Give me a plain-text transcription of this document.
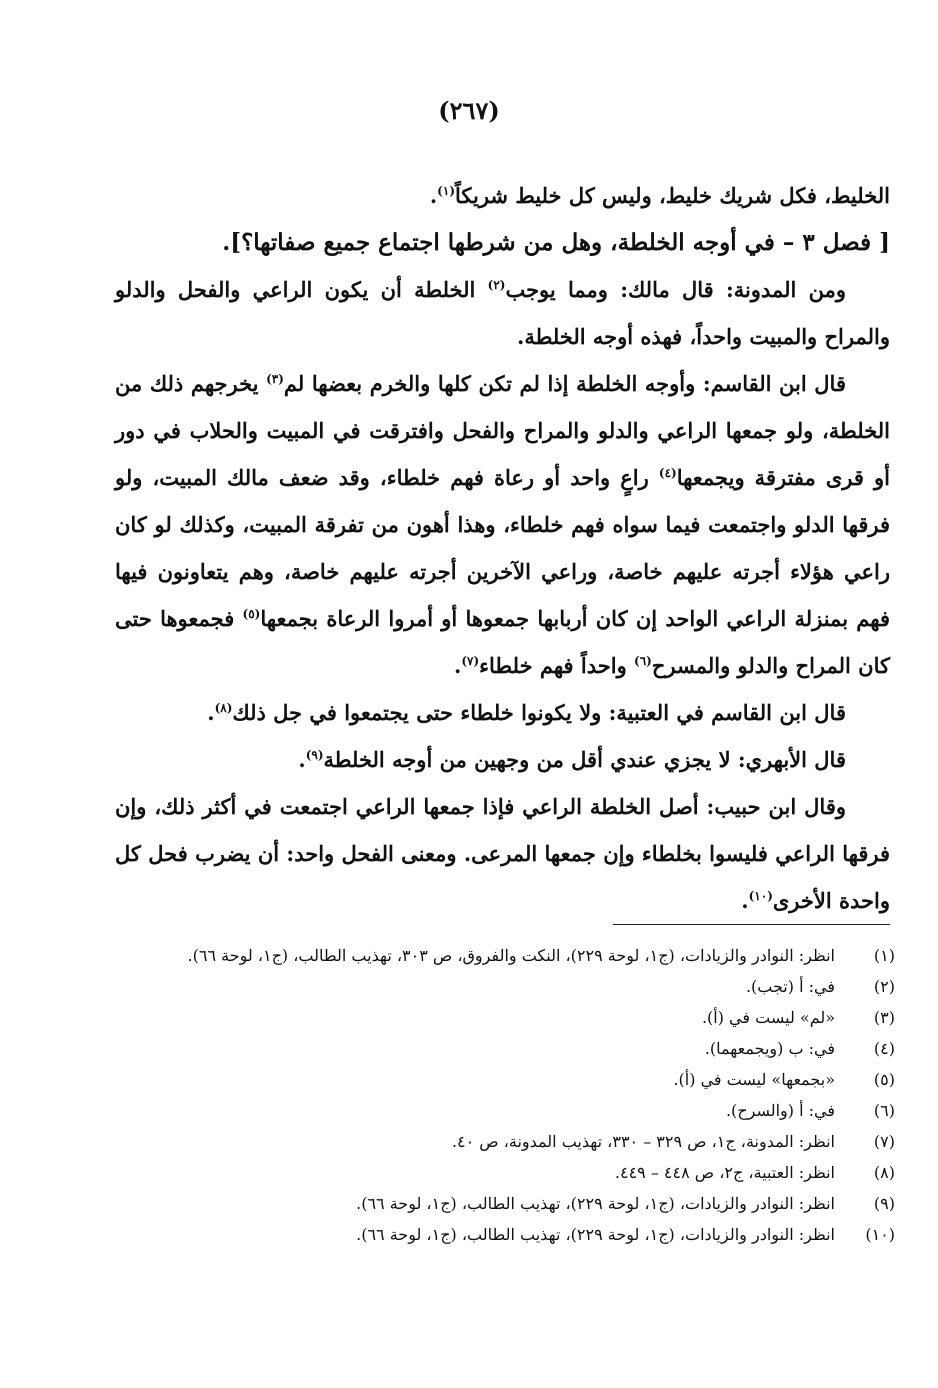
(٢٦٧)

الخليط، فكل شريك خليط، وليس كل خليط شريكاً$^{(١)}$.

[ فصل ٣ – في أوجه الخلطة، وهل من شرطها اجتماع جميع صفاتها؟].

ومن المدونة: قال مالك: ومما يوجب$^{(٢)}$ الخلطة أن يكون الراعي والفحل والدلو والمراح والمبيت واحداً، فهذه أوجه الخلطة.

قال ابن القاسم: وأوجه الخلطة إذا لم تكن كلها والخرم بعضها لم$^{(٣)}$ يخرجهم ذلك من الخلطة، ولو جمعها الراعي والدلو والمراح والفحل وافترقت في المبيت والحلاب في دور أو قرى مفترقة ويجمعها$^{(٤)}$ راعٍ واحد أو رعاة فهم خلطاء، وقد ضعف مالك المبيت، ولو فرقها الدلو واجتمعت فيما سواه فهم خلطاء، وهذا أهون من تفرقة المبيت، وكذلك لو كان راعي هؤلاء أجرته عليهم خاصة، وراعي الآخرين أجرته عليهم خاصة، وهم يتعاونون فيها فهم بمنزلة الراعي الواحد إن كان أربابها جمعوها أو أمروا الرعاة بجمعها$^{(٥)}$ فجمعوها حتى كان المراح والدلو والمسرح$^{(٦)}$ واحداً فهم خلطاء$^{(٧)}$.

قال ابن القاسم في العتبية: ولا يكونوا خلطاء حتى يجتمعوا في جل ذلك$^{(٨)}$.

قال الأبهري: لا يجزي عندي أقل من وجهين من أوجه الخلطة$^{(٩)}$.

وقال ابن حبيب: أصل الخلطة الراعي فإذا جمعها الراعي اجتمعت في أكثر ذلك، وإن فرقها الراعي فليسوا بخلطاء وإن جمعها المرعى. ومعنى الفحل واحد: أن يضرب فحل كل واحدة الأخرى$^{(١٠)}$.

(١)
انظر: النوادر والزيادات، (ج١، لوحة ٢٢٩)، النكت والفروق، ص ٣٠٣، تهذيب الطالب، (ج١، لوحة ٦٦).
(٢)
في: أ (تجب).
(٣)
«لم» ليست في (أ).
(٤)
في: ب (ويجمعهما).
(٥)
«بجمعها» ليست في (أ).
(٦)
في: أ (والسرح).
(٧)
انظر: المدونة، ج١، ص ٣٢٩ – ٣٣٠، تهذيب المدونة، ص ٤٠.
(٨)
انظر: العتبية، ج٢، ص ٤٤٨ – ٤٤٩.
(٩)
انظر: النوادر والزيادات، (ج١، لوحة ٢٢٩)، تهذيب الطالب، (ج١، لوحة ٦٦).
(١٠)
انظر: النوادر والزيادات، (ج١، لوحة ٢٢٩)، تهذيب الطالب، (ج١، لوحة ٦٦).
